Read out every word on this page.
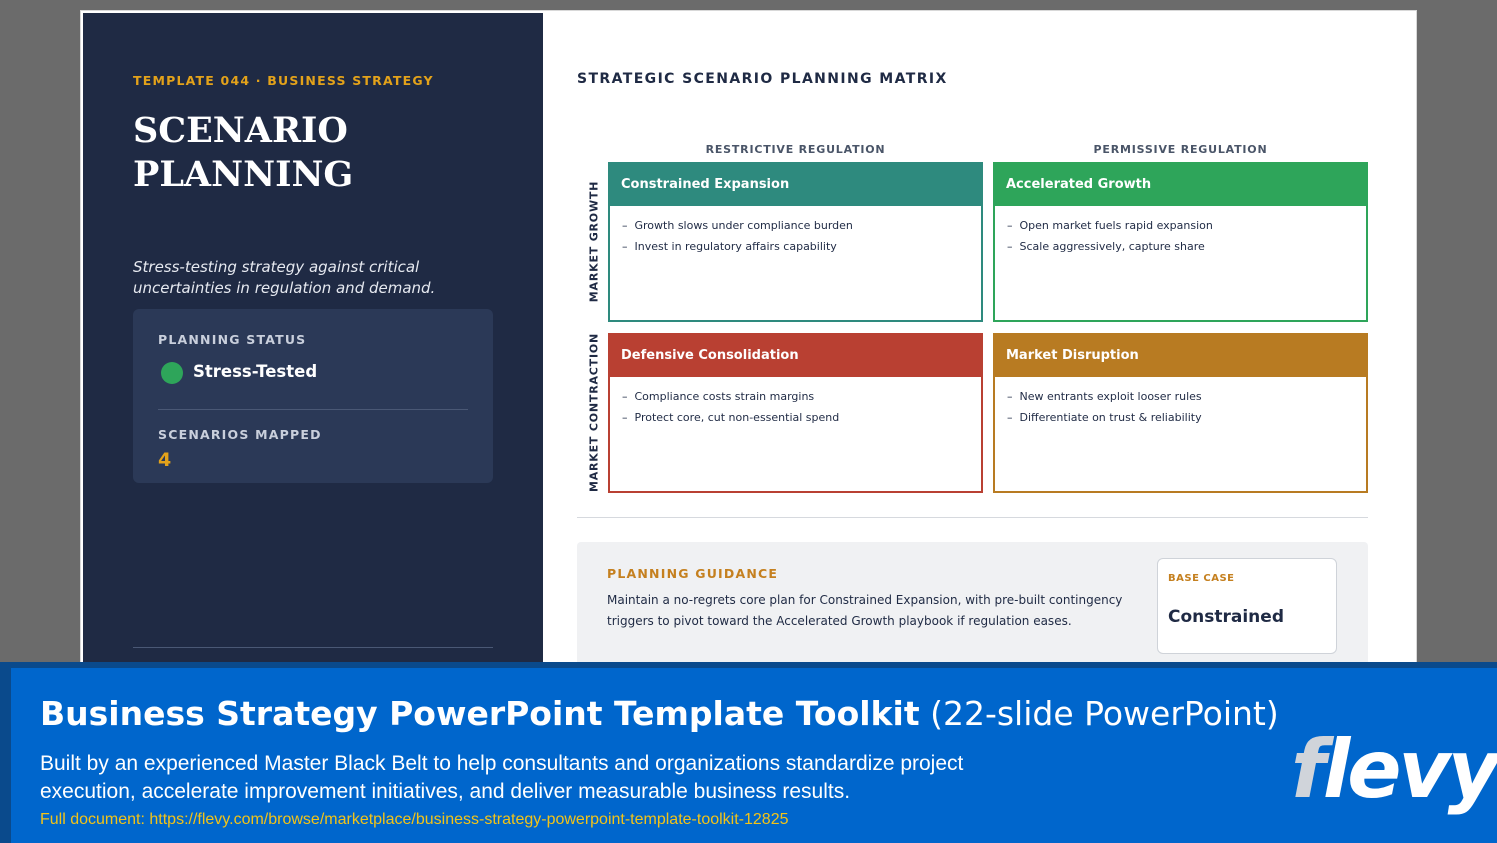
TEMPLATE 044 · BUSINESS STRATEGY
SCENARIO
PLANNING
Stress-testing strategy against critical uncertainties in regulation and demand.
PLANNING STATUS
Stress-Tested
SCENARIOS MAPPED
4
STRATEGIC SCENARIO PLANNING MATRIX
RESTRICTIVE REGULATION	PERMISSIVE REGULATION
MARKET GROWTH
MARKET CONTRACTION
Constrained Expansion
– Growth slows under compliance burden
– Invest in regulatory affairs capability
Accelerated Growth
– Open market fuels rapid expansion
– Scale aggressively, capture share
Defensive Consolidation
– Compliance costs strain margins
– Protect core, cut non-essential spend
Market Disruption
– New entrants exploit looser rules
– Differentiate on trust & reliability
PLANNING GUIDANCE
Maintain a no-regrets core plan for Constrained Expansion, with pre-built contingency triggers to pivot toward the Accelerated Growth playbook if regulation eases.
BASE CASE
Constrained
Business Strategy PowerPoint Template Toolkit (22-slide PowerPoint)
Built by an experienced Master Black Belt to help consultants and organizations standardize project execution, accelerate improvement initiatives, and deliver measurable business results.
Full document: https://flevy.com/browse/marketplace/business-strategy-powerpoint-template-toolkit-12825
flevy
